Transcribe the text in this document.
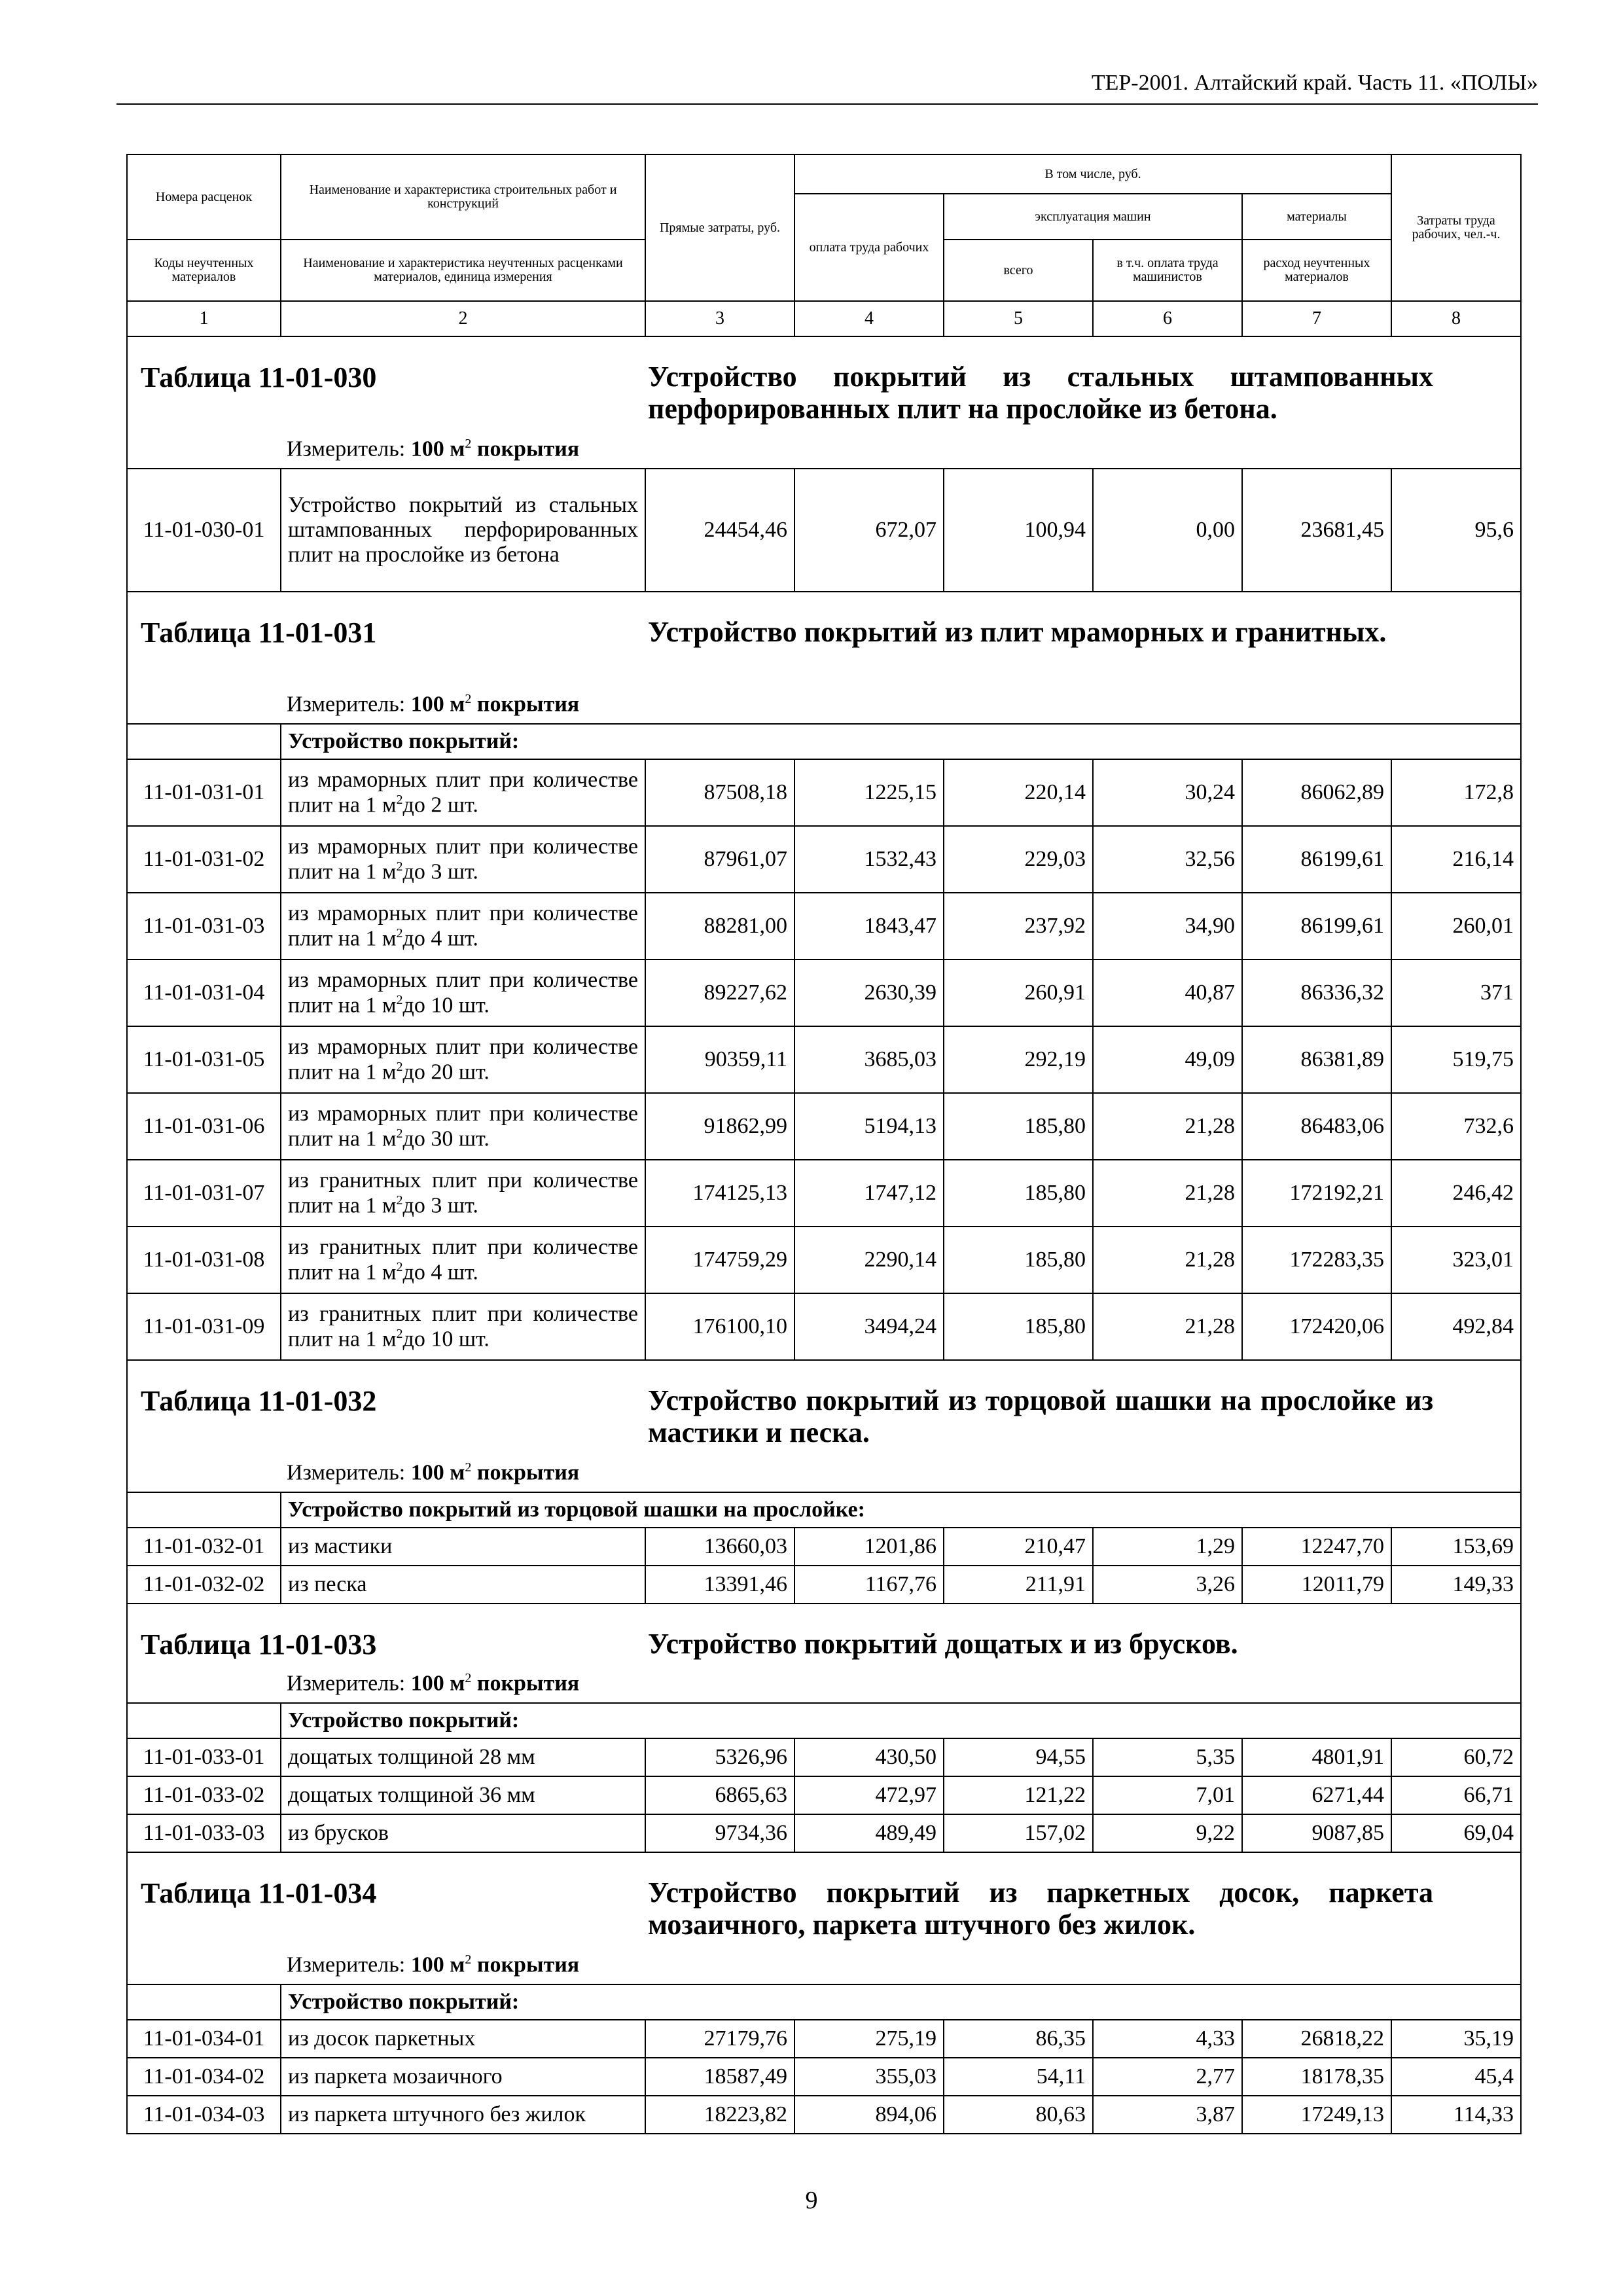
ТЕР-2001. Алтайский край. Часть 11. «ПОЛЫ»
Номера расценок	Наименование и характеристика строительных работ и конструкций	Прямые затраты, руб.	В том числе, руб.				Затраты труда рабочих, чел.-ч.
			оплата труда рабочих	эксплуатация машин		материалы	
Коды неучтенных материалов	Наименование и характеристика неучтенных расценками материалов, единица измерения			всего	в т.ч. оплата труда машинистов	расход неучтенных материалов	
1	2	3	4	5	6	7	8

Таблица 11-01-030 Устройство покрытий из стальных штампованных перфорированных плит на прослойке из бетона.
Измеритель: 100 $м^2$ покрытия							

11-01-030-01	Устройство покрытий из стальных штампованных перфорированных плит на прослойке из бетона	24454,46	672,07	100,94	0,00	23681,45	95,6

Таблица 11-01-031 Устройство покрытий из плит мраморных и гранитных.
Измеритель: 100 $м^2$ покрытия							

	Устройство покрытий:						
11-01-031-01	из мраморных плит при количестве плит на 1 $м^2до$ 2 шт.	87508,18	1225,15	220,14	30,24	86062,89	172,8
11-01-031-02	из мраморных плит при количестве плит на 1 $м^2до$ 3 шт.	87961,07	1532,43	229,03	32,56	86199,61	216,14
11-01-031-03	из мраморных плит при количестве плит на 1 $м^2до$ 4 шт.	88281,00	1843,47	237,92	34,90	86199,61	260,01
11-01-031-04	из мраморных плит при количестве плит на 1 $м^2до$ 10 шт.	89227,62	2630,39	260,91	40,87	86336,32	371
11-01-031-05	из мраморных плит при количестве плит на 1 $м^2до$ 20 шт.	90359,11	3685,03	292,19	49,09	86381,89	519,75
11-01-031-06	из мраморных плит при количестве плит на 1 $м^2до$ 30 шт.	91862,99	5194,13	185,80	21,28	86483,06	732,6
11-01-031-07	из гранитных плит при количестве плит на 1 $м^2до$ 3 шт.	174125,13	1747,12	185,80	21,28	172192,21	246,42
11-01-031-08	из гранитных плит при количестве плит на 1 $м^2до$ 4 шт.	174759,29	2290,14	185,80	21,28	172283,35	323,01
11-01-031-09	из гранитных плит при количестве плит на 1 $м^2до$ 10 шт.	176100,10	3494,24	185,80	21,28	172420,06	492,84

Таблица 11-01-032 Устройство покрытий из торцовой шашки на прослойке из мастики и песка.
Измеритель: 100 $м^2$ покрытия							

	Устройство покрытий из торцовой шашки на прослойке:						
11-01-032-01	из мастики	13660,03	1201,86	210,47	1,29	12247,70	153,69
11-01-032-02	из песка	13391,46	1167,76	211,91	3,26	12011,79	149,33

Таблица 11-01-033 Устройство покрытий дощатых и из брусков.
Измеритель: 100 $м^2$ покрытия							

	Устройство покрытий:						
11-01-033-01	дощатых толщиной 28 мм	5326,96	430,50	94,55	5,35	4801,91	60,72
11-01-033-02	дощатых толщиной 36 мм	6865,63	472,97	121,22	7,01	6271,44	66,71
11-01-033-03	из брусков	9734,36	489,49	157,02	9,22	9087,85	69,04

Таблица 11-01-034 Устройство покрытий из паркетных досок, паркета мозаичного, паркета штучного без жилок.
Измеритель: 100 $м^2$ покрытия							

	Устройство покрытий:						
11-01-034-01	из досок паркетных	27179,76	275,19	86,35	4,33	26818,22	35,19
11-01-034-02	из паркета мозаичного	18587,49	355,03	54,11	2,77	18178,35	45,4
11-01-034-03	из паркета штучного без жилок	18223,82	894,06	80,63	3,87	17249,13	114,33
9
